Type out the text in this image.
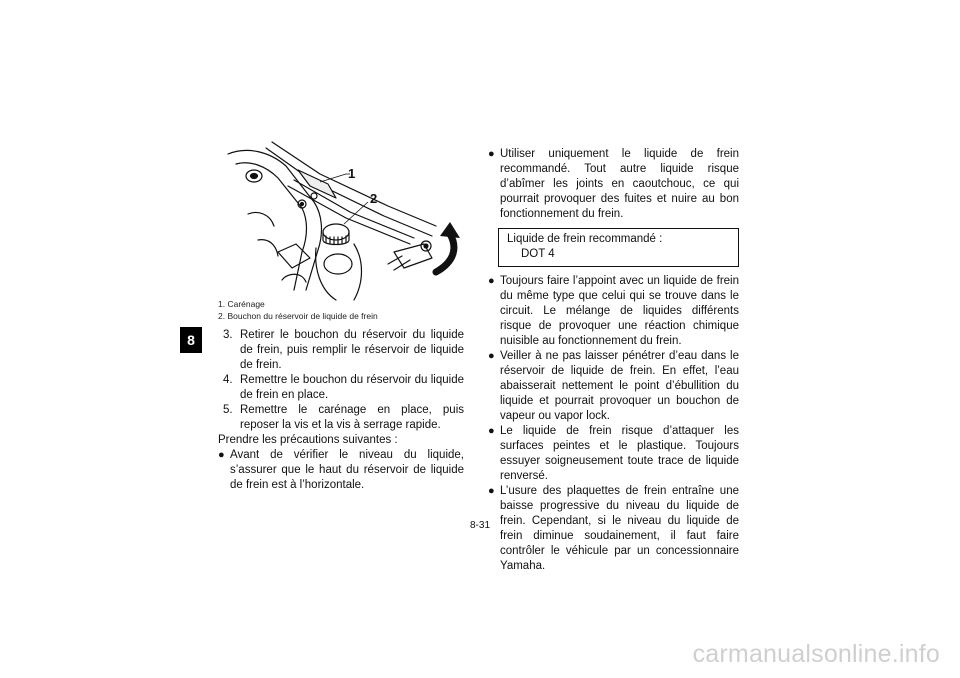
8
1
2
1. Carénage
2. Bouchon du réservoir de liquide de frein

3. Retirer le bouchon du réservoir du liquide de frein, puis remplir le réservoir de liquide de frein.

4. Remettre le bouchon du réservoir du liquide de frein en place.

5. Remettre le carénage en place, puis reposer la vis et la vis à serrage rapide.

Prendre les précautions suivantes :

● Avant de vérifier le niveau du liquide, s’assurer que le haut du réservoir de liquide de frein est à l’horizontale.

● Utiliser uniquement le liquide de frein recommandé. Tout autre liquide risque d’abîmer les joints en caoutchouc, ce qui pourrait provoquer des fuites et nuire au bon fonctionnement du frein.

Liquide de frein recommandé :
DOT 4

● Toujours faire l’appoint avec un liquide de frein du même type que celui qui se trouve dans le circuit. Le mélange de liquides différents risque de provoquer une réaction chimique nuisible au fonctionnement du frein.

● Veiller à ne pas laisser pénétrer d’eau dans le réservoir de liquide de frein. En effet, l’eau abaisserait nettement le point d’ébullition du liquide et pourrait provoquer un bouchon de vapeur ou vapor lock.

● Le liquide de frein risque d’attaquer les surfaces peintes et le plastique. Toujours essuyer soigneusement toute trace de liquide renversé.

● L’usure des plaquettes de frein entraîne une baisse progressive du niveau du liquide de frein. Cependant, si le niveau du liquide de frein diminue soudainement, il faut faire contrôler le véhicule par un concessionnaire Yamaha.

8-31
carmanualsonline.info
